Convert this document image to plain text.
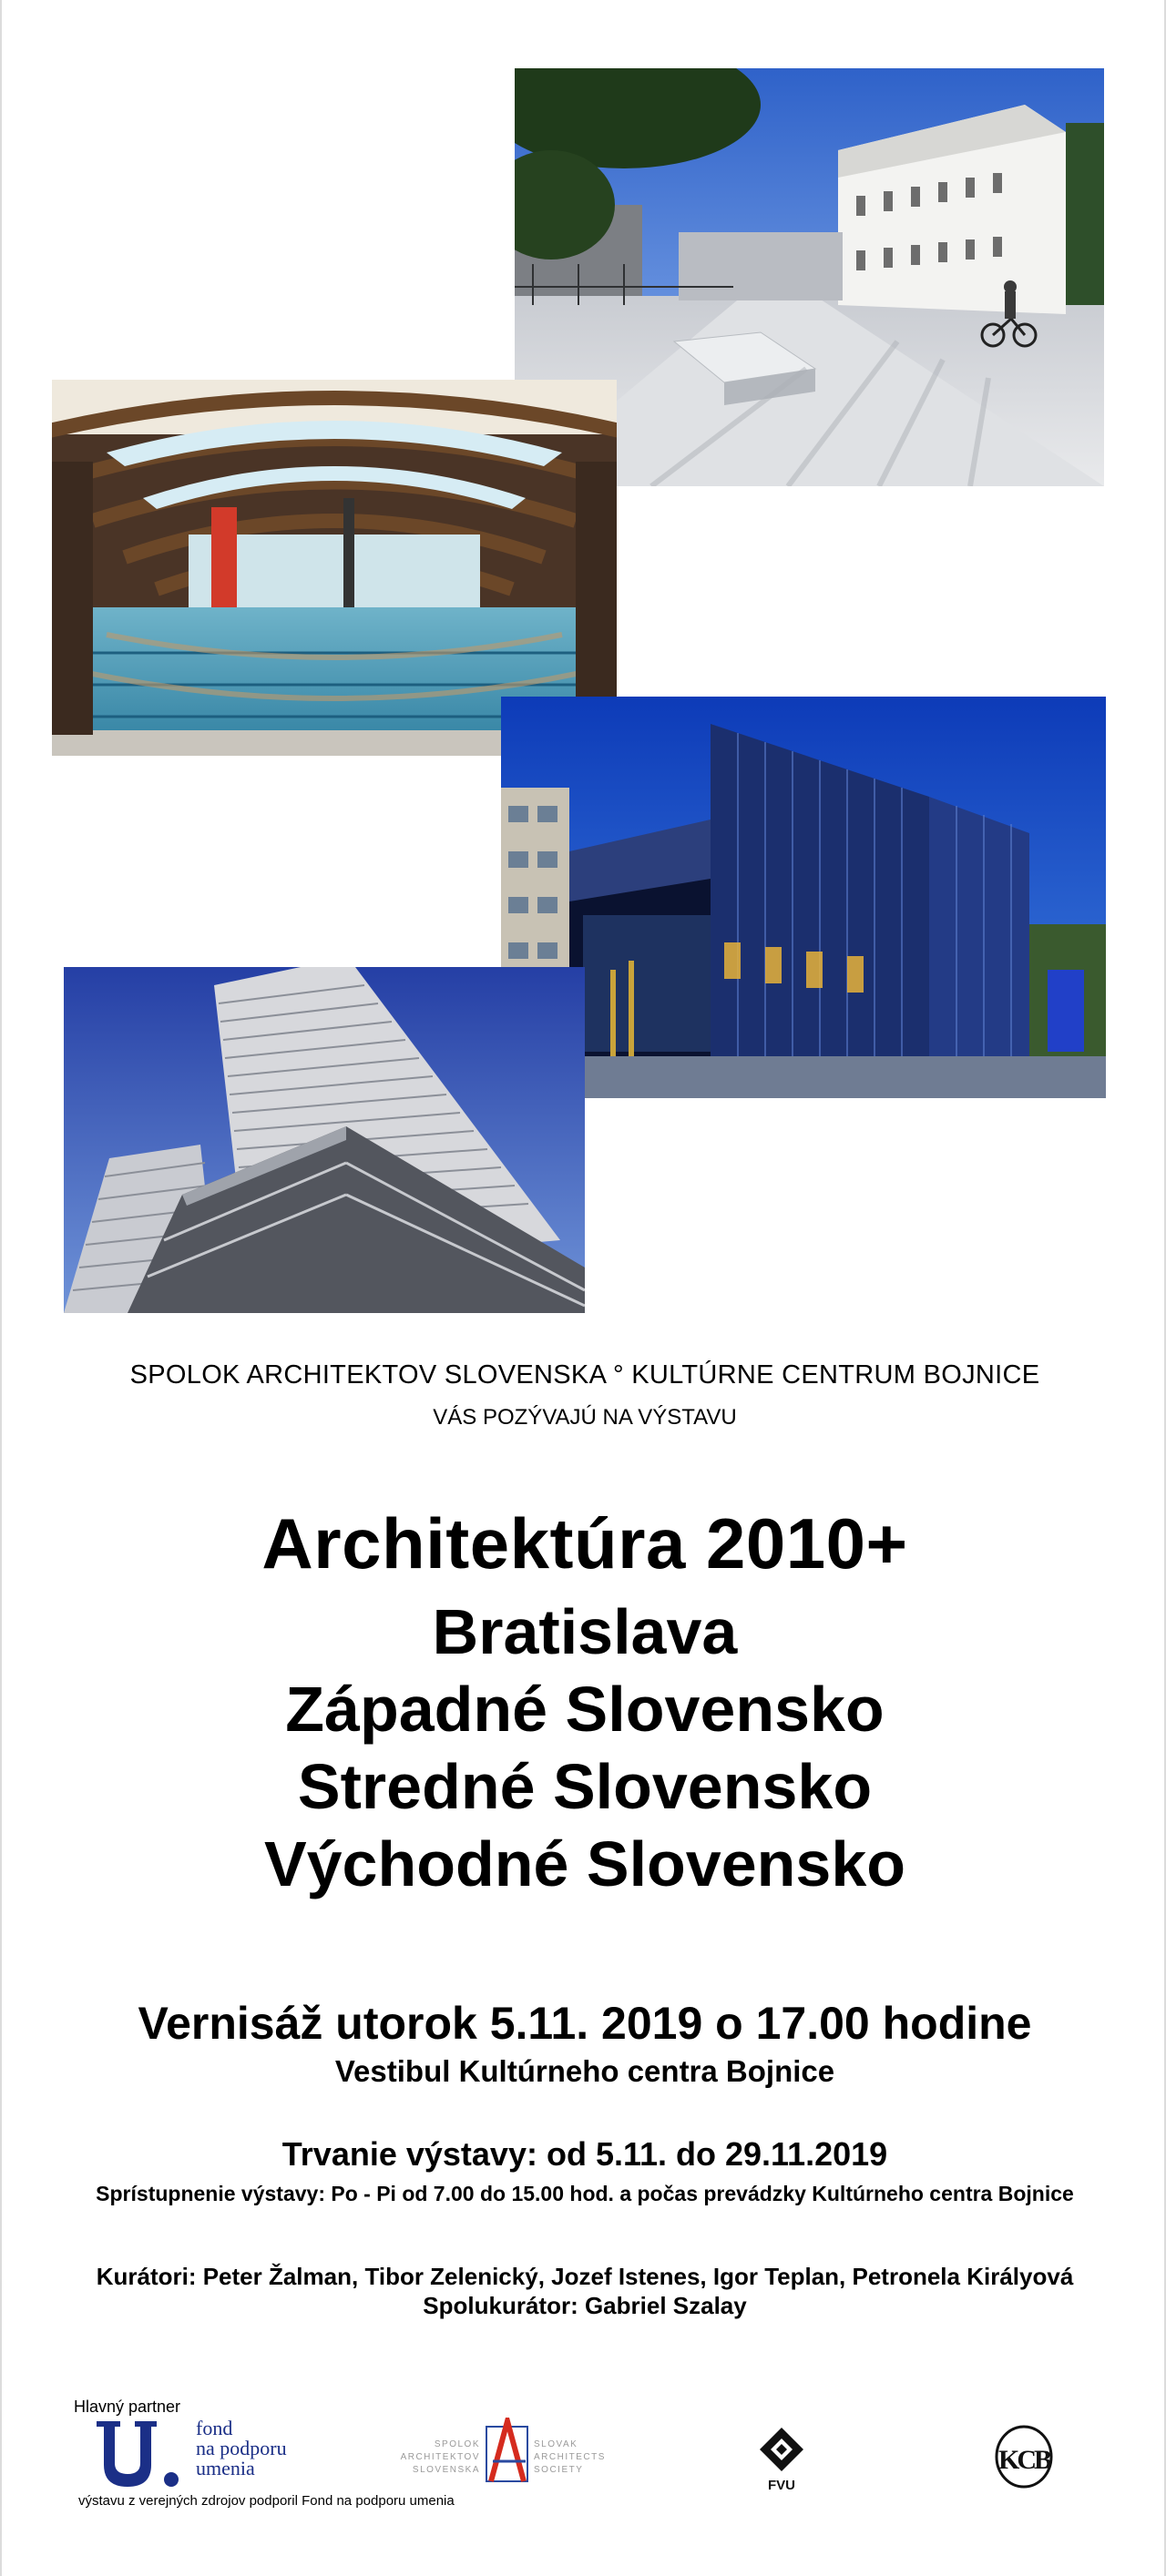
SPOLOK ARCHITEKTOV SLOVENSKA ° KULTÚRNE CENTRUM BOJNICE
VÁS POZÝVAJÚ NA VÝSTAVU
Architektúra 2010+
Bratislava
Západné Slovensko
Stredné Slovensko
Východné Slovensko
Vernisáž utorok 5.11. 2019 o 17.00 hodine
Vestibul Kultúrneho centra Bojnice
Trvanie výstavy: od 5.11. do 29.11.2019
Sprístupnenie výstavy: Po - Pi od 7.00 do 15.00 hod. a počas prevádzky Kultúrneho centra Bojnice
Kurátori: Peter Žalman, Tibor Zelenický, Jozef Istenes, Igor Teplan, Petronela Királyová
Spolukurátor: Gabriel Szalay
Hlavný partner
fond
na podporu
umenia
výstavu z verejných zdrojov podporil Fond na podporu umenia
SPOLOK
ARCHITEKTOV
SLOVENSKA
SLOVAK
ARCHITECTS
SOCIETY
FVU
KCB
